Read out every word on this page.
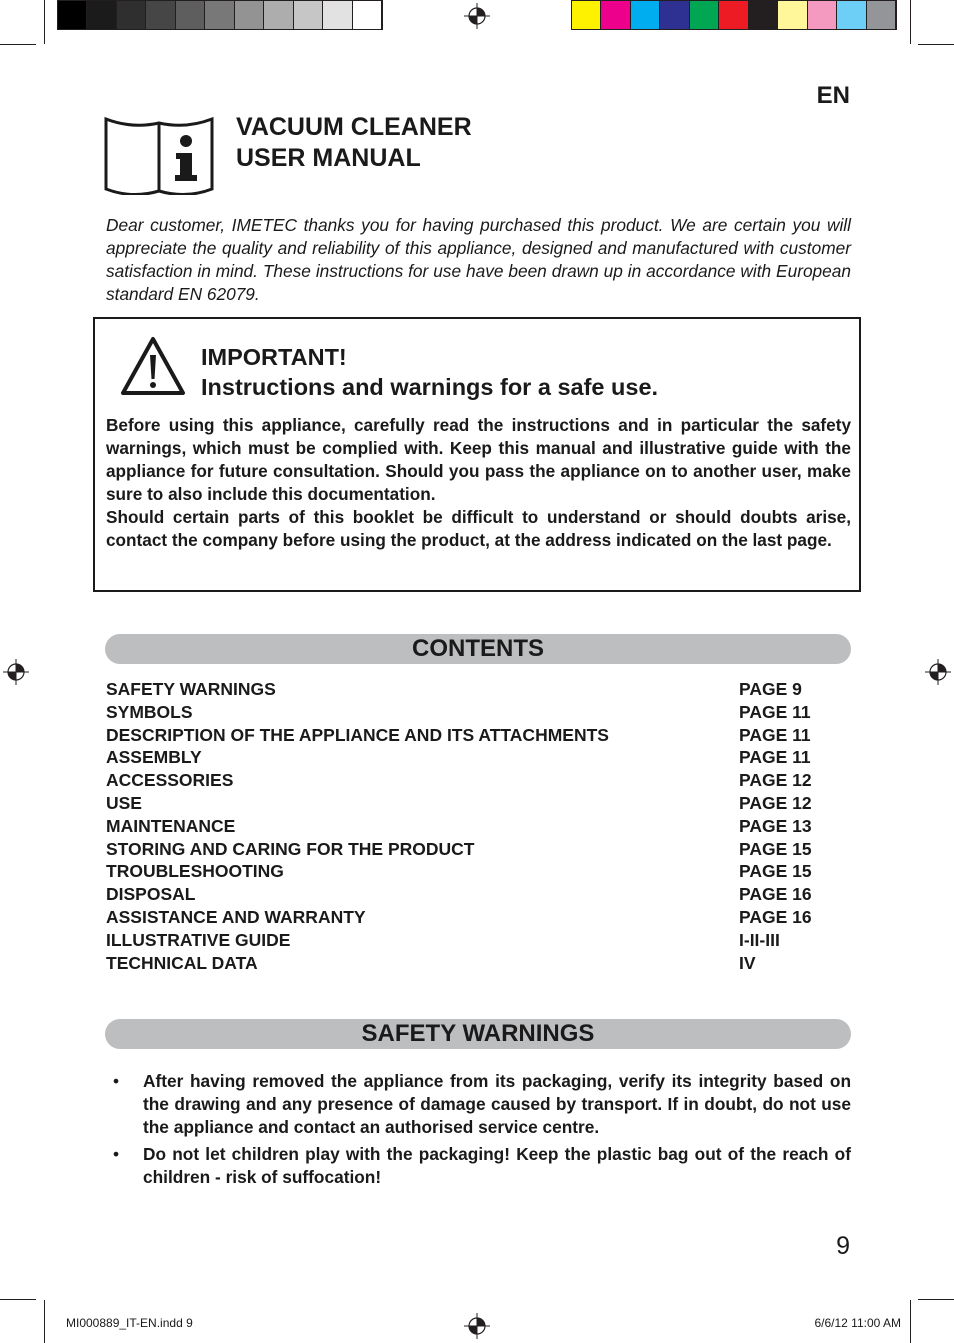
EN
VACUUM CLEANER
USER MANUAL
Dear customer, IMETEC thanks you for having purchased this product. We are certain you will appreciate the quality and reliability of this appliance, designed and manufactured with customer satisfaction in mind. These instructions for use have been drawn up in accordance with European standard EN 62079.
IMPORTANT!
Instructions and warnings for a safe use.

Before using this appliance, carefully read the instructions and in particular the safety warnings, which must be complied with. Keep this manual and illustrative guide with the appliance for future consultation. Should you pass the appliance on to another user, make sure to also include this documentation.

Should certain parts of this booklet be difficult to understand or should doubts arise, contact the company before using the product, at the address indicated on the last page.

CONTENTS
SAFETY WARNINGS	PAGE 9
SYMBOLS	PAGE 11
DESCRIPTION OF THE APPLIANCE AND ITS ATTACHMENTS	PAGE 11
ASSEMBLY	PAGE 11
ACCESSORIES	PAGE 12
USE	PAGE 12
MAINTENANCE	PAGE 13
STORING AND CARING FOR THE PRODUCT	PAGE 15
TROUBLESHOOTING	PAGE 15
DISPOSAL	PAGE 16
ASSISTANCE AND WARRANTY	PAGE 16
ILLUSTRATIVE GUIDE	I-II-III
TECHNICAL DATA	IV
SAFETY WARNINGS
• After having removed the appliance from its packaging, verify its integrity based on the drawing and any presence of damage caused by transport. If in doubt, do not use the appliance and contact an authorised service centre.
• Do not let children play with the packaging! Keep the plastic bag out of the reach of children - risk of suffocation!
9
MI000889_IT-EN.indd 9	6/6/12 11:00 AM
